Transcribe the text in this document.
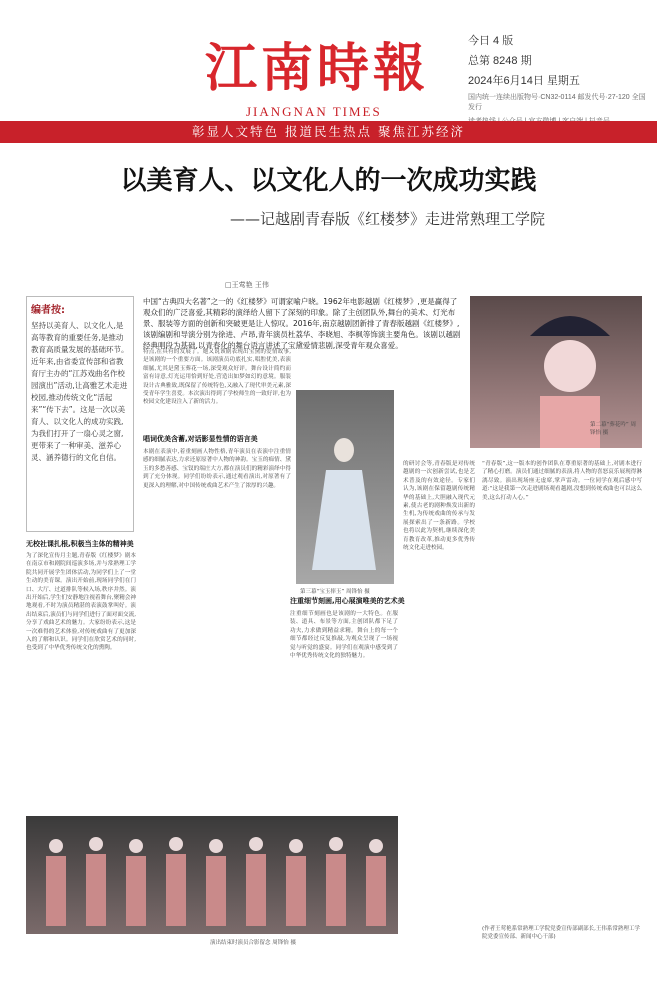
江南時報
JIANGNAN TIMES
今日 4 版
总第 8248 期
2024年6月14日 星期五
国内统一连续出版物号·CN32-0114 邮发代号·27-120 全国发行
彰显人文特色 报道民生热点 聚焦江苏经济
以美育人、以文化人的一次成功实践
——记越剧青春版《红楼梦》走进常熟理工学院
编者按:
坚持以美育人、以文化人,是高等教育的重要任务,是推动教育高质量发展的基础环节。近年来,由省委宣传部和省教育厅主办的“江苏戏曲名作校园演出”活动,让高雅艺术走进校园,推动传统文化“活起来”“传下去”。这是一次以美育人、以文化人的成功实践,为我们打开了一扇心灵之窗,更带来了一种审美、滋养心灵、涵养德行的文化自信。
□王莺艳 王伟
中国“古典四大名著”之一的《红楼梦》可谓家喻户晓。1962年电影越剧《红楼梦》,更是赢得了观众们的广泛喜爱,其精彩的演绎给人留下了深刻的印象。除了主创团队外,舞台的美术、灯光布景、服装等方面的创新和突破更是让人惊叹。2016年,南京越剧团新排了青春版越剧《红楼梦》,该剧编剧和导演分别为徐进、卢昂,青年演员杜荔华、李晓旭、李枫等饰演主要角色。该剧以越剧经典唱段为基础,以青春化的舞台语言讲述了宝黛爱情悲剧,深受青年观众喜爱。
第三幕“宝玉摔玉” 周锋怡 摄
第二幕“葬花吟” 周锋怡 摄
唱词优美含蓄,对话影显性情的语言美
无校社课扎根,积极当主体的精神美
注重细节刻画,用心展演唯美的艺术美
为了深化宣传月主题,青春版《红楼梦》剧本在南京市和剧院间巡演多场,并与常熟理工学院共同开展学生团体活动,为同学们上了一堂生动的美育课。演出开始前,现场同学们在门口、大厅、过道排队等候入场,秩序井然。演出开始后,学生们安静地注视着舞台,聚精会神地观看,不时为演员精湛的表演鼓掌叫好。演出结束后,演员们与同学们进行了面对面交流,分享了戏曲艺术的魅力。大家纷纷表示,这是一次难得的艺术体验,对传统戏曲有了更加深入的了解和认识。同学们在欣赏艺术的同时,也受到了中华优秀传统文化的熏陶。
特点,在具有的发展了。她又说该剧表现出宝黛的爱情故事,是该剧的一个重要方面。该剧演员功底扎实,唱腔优美,表演细腻,尤其是黛玉葬花一场,深受观众好评。舞台设计简约而富有诗意,灯光运用恰到好处,营造出如梦如幻的意境。服装设计古典雅致,既保留了传统特色,又融入了现代审美元素,深受青年学生喜爱。本次演出得到了学校师生的一致好评,也为校园文化建设注入了新的活力。
本剧在表演中,着重刻画人物性格,青年演员在表演中注重情感的细腻表达,力求还原原著中人物的神韵。宝玉的痴情、黛玉的多愁善感、宝钗的端庄大方,都在演员们的精彩演绎中得到了充分体现。同学们纷纷表示,通过观看演出,对原著有了更深入的理解,对中国传统戏曲艺术产生了浓厚的兴趣。
的研讨会等,青春版是对传统越剧的一次创新尝试,也是艺术普及的有效途径。专家们认为,该剧在保留越剧传统精华的基础上,大胆融入现代元素,使古老的剧种焕发出新的生机,为传统戏曲的传承与发展探索出了一条新路。学校也将以此为契机,继续深化美育教育改革,推动更多优秀传统文化走进校园。
“青春版”,这一版本的创作团队在尊重原著的基础上,对剧本进行了精心打磨。演员们通过细腻的表演,将人物的喜怒哀乐展现得淋漓尽致。演出现场座无虚席,掌声雷动。一位同学在观后感中写道:“这是我第一次走进剧场观看越剧,没想到传统戏曲也可以这么美,这么打动人心。”
注重细节刻画也是该剧的一大特色。在服装、道具、布景等方面,主创团队都下足了功夫,力求做到精益求精。舞台上的每一个细节都经过反复推敲,为观众呈现了一场视觉与听觉的盛宴。同学们在观演中感受到了中华优秀传统文化的独特魅力。
演出结束时演员合影留念 周锋怡 摄
(作者王莺艳系常熟理工学院党委宣传部副部长,王伟系常熟理工学院党委宣传部、新闻中心干部)
